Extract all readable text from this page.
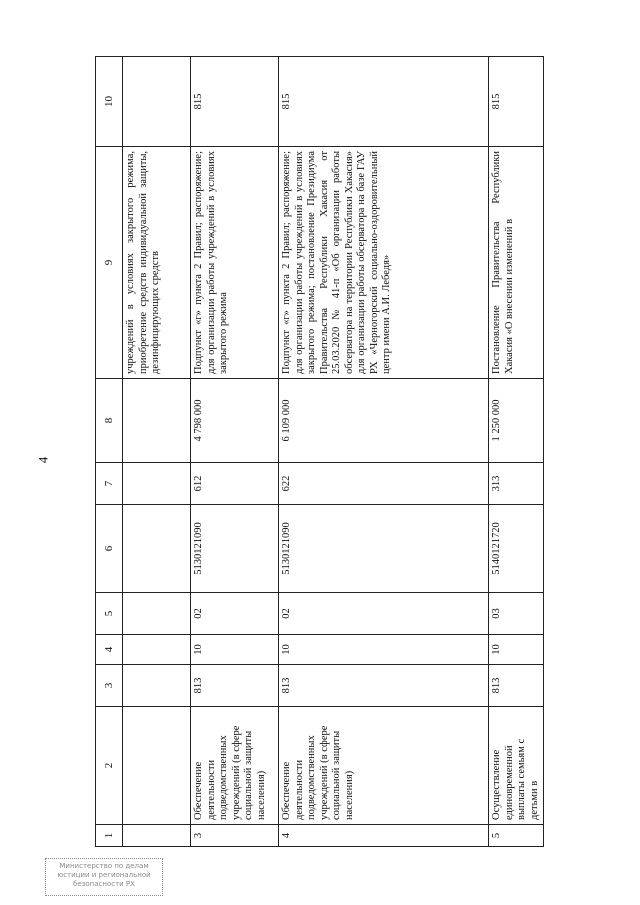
4
1	2	3	4	5	6	7	8	9	10
								учреждений в условиях закрытого режима, приобретение средств индивидуальной защиты, дезинфицирующих средств	
3	Обеспечение деятельности подведомственных учреждений (в сфере социальной защиты населения)	813	10	02	5130121090	612	4 798 000	Подпункт «г» пункта 2 Правил; распоряжение; для организации работы учреждений в условиях закрытого режима	815
4	Обеспечение деятельности подведомственных учреждений (в сфере социальной защиты населения)	813	10	02	5130121090	622	6 109 000	Подпункт «г» пункта 2 Правил; распоряжение; для организации работы учреждений в условиях закрытого режима; постановление Президиума Правительства Республики Хакасия от 25.03.2020 № 41-п «Об организации работы обсерватора на территории Республики Хакасия» для организации работы обсерватора на базе ГАУ РХ «Черногорский социально-оздоровительный центр имени А.И. Лебедя»	815
5	Осуществление единовременной выплаты семьям с детьми в	813	10	03	5140121720	313	1 250 000	Постановление Правительства Республики Хакасия «О внесении изменений в	815
Министерство по делам
юстиции и региональной
безопасности РХ
